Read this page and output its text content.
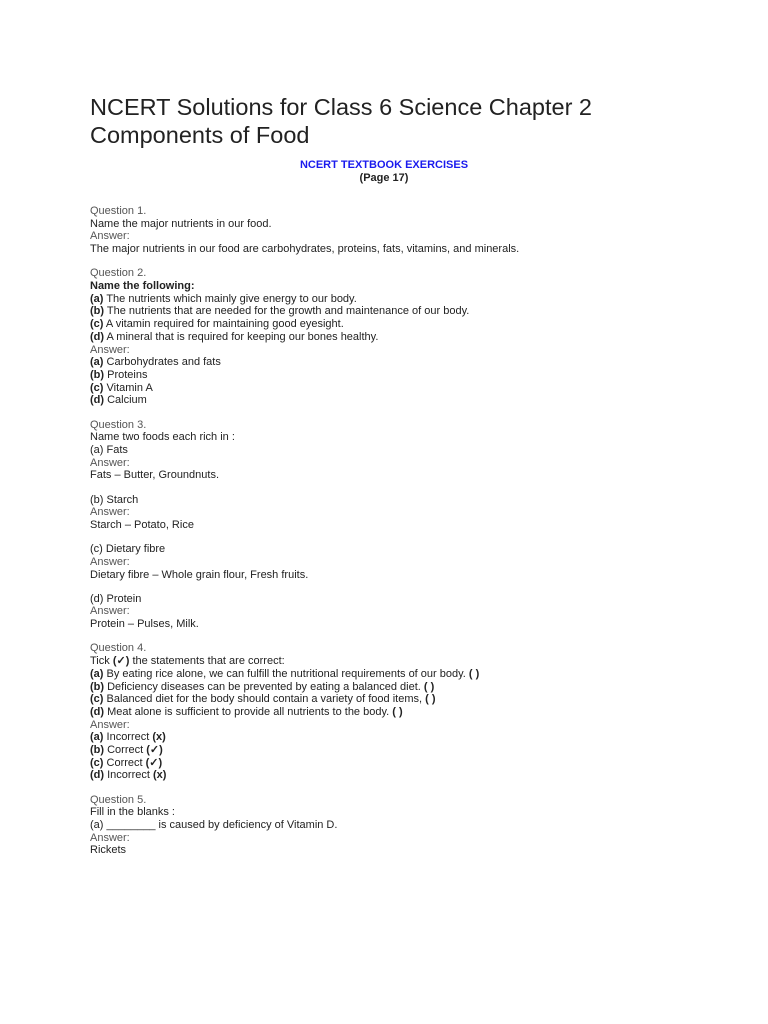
NCERT Solutions for Class 6 Science Chapter 2
Components of Food
NCERT TEXTBOOK EXERCISES
(Page 17)
Question 1.
Name the major nutrients in our food.
Answer:
The major nutrients in our food are carbohydrates, proteins, fats, vitamins, and minerals.
Question 2.
Name the following:
(a) The nutrients which mainly give energy to our body.
(b) The nutrients that are needed for the growth and maintenance of our body.
(c) A vitamin required for maintaining good eyesight.
(d) A mineral that is required for keeping our bones healthy.
Answer:
(a) Carbohydrates and fats
(b) Proteins
(c) Vitamin A
(d) Calcium
Question 3.
Name two foods each rich in :
(a) Fats
Answer:
Fats – Butter, Groundnuts.
(b) Starch
Answer:
Starch – Potato, Rice
(c) Dietary fibre
Answer:
Dietary fibre – Whole grain flour, Fresh fruits.
(d) Protein
Answer:
Protein – Pulses, Milk.
Question 4.
Tick (✓) the statements that are correct:
(a) By eating rice alone, we can fulfill the nutritional requirements of our body. ( )
(b) Deficiency diseases can be prevented by eating a balanced diet. ( )
(c) Balanced diet for the body should contain a variety of food items, ( )
(d) Meat alone is sufficient to provide all nutrients to the body. ( )
Answer:
(a) Incorrect (x)
(b) Correct (✓)
(c) Correct (✓)
(d) Incorrect (x)
Question 5.
Fill in the blanks :
(a) ________ is caused by deficiency of Vitamin D.
Answer:
Rickets
